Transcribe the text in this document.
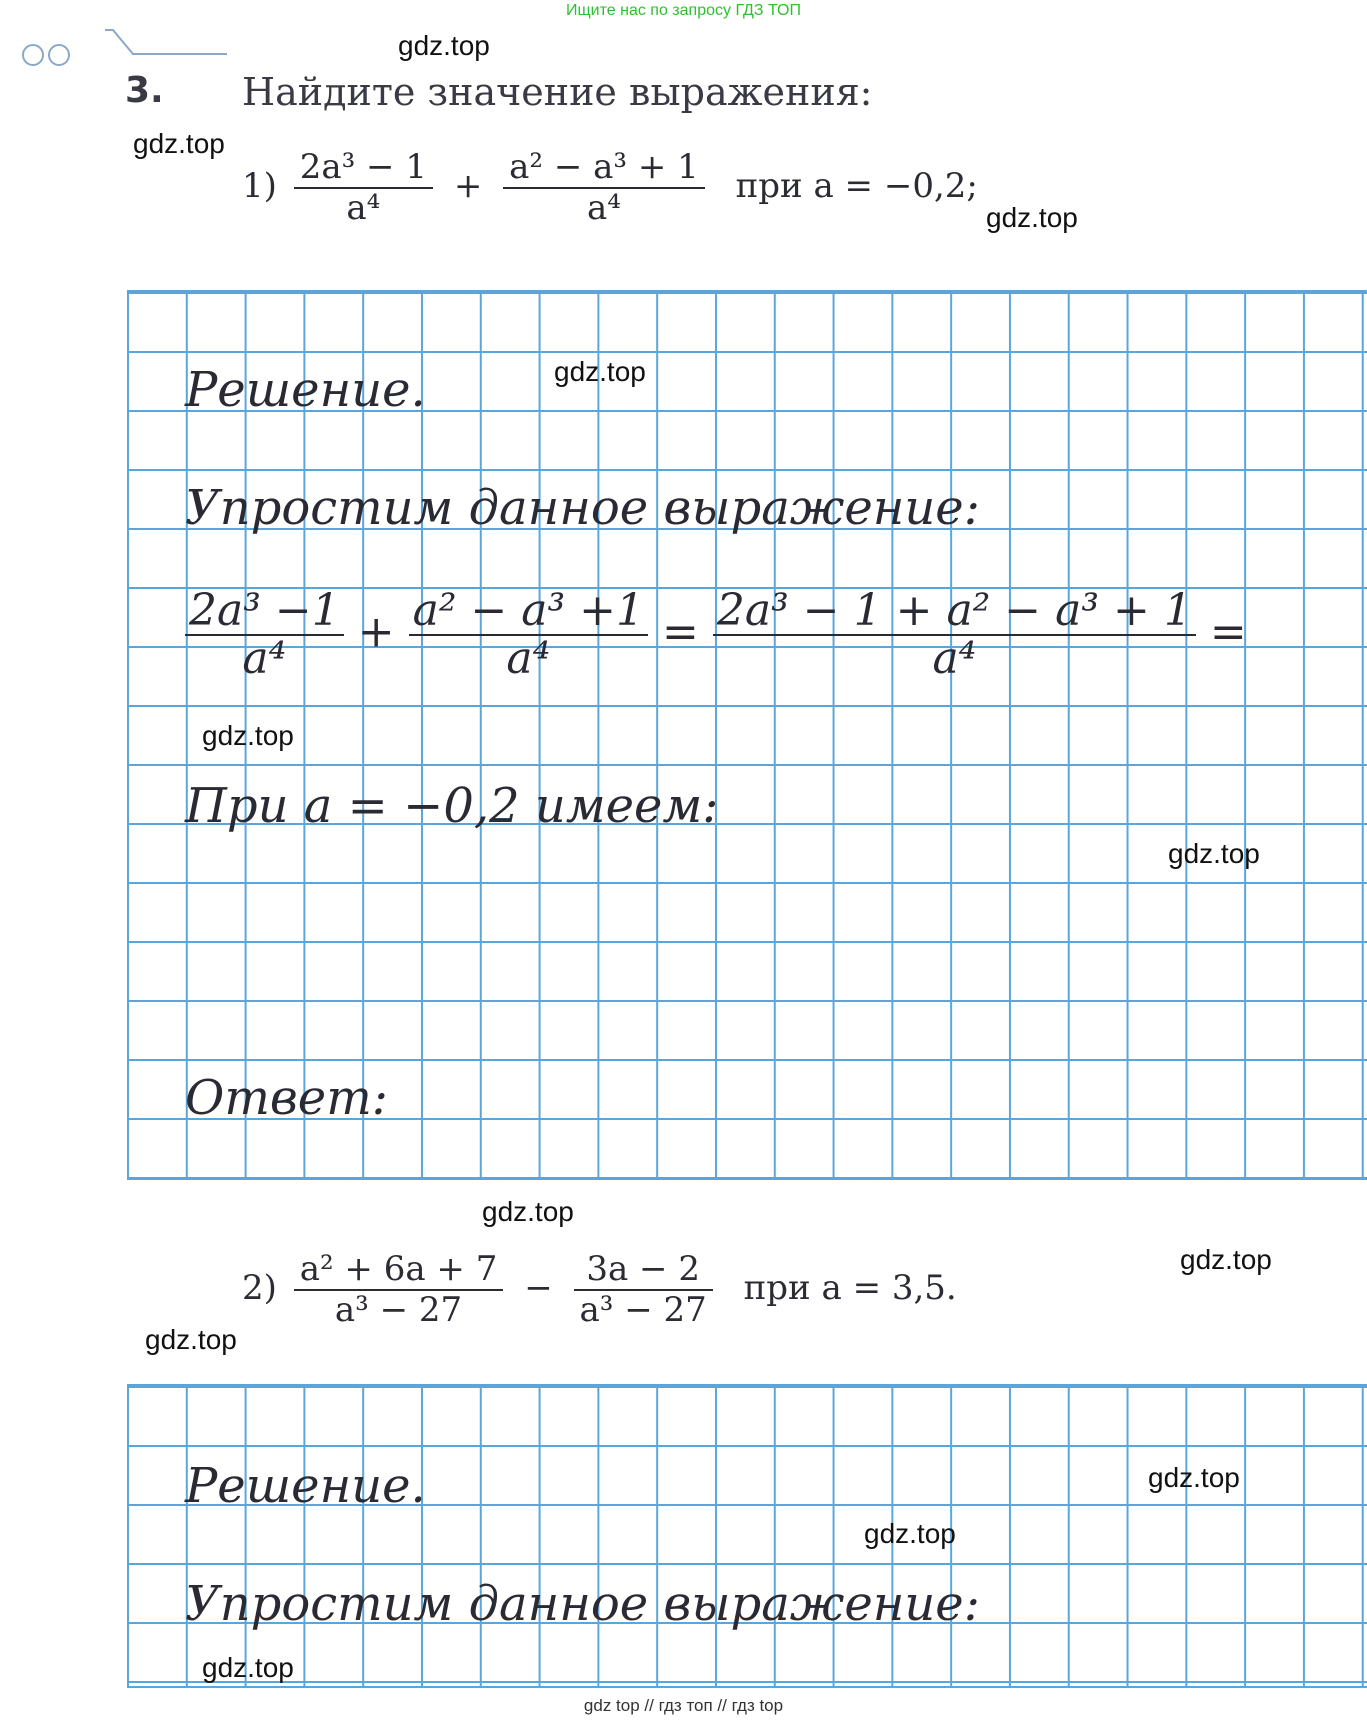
Ищите нас по запросу ГДЗ ТОП
3. Найдите значение выражения:
$1) \frac{\text{2a³ − 1}}{\text{a⁴}} + \frac{\text{a² − a³ + 1}}{\text{a⁴}}$ при a = −0,2;
Решение.
Упростим данное выражение:
$\frac{\text{2a³ −1}}{\text{a⁴}} + \frac{\text{a² − a³ +1}}{\text{a⁴}} = \frac{\text{2a³ − 1 + a² − a³ + 1}}{\text{a⁴}}$ =
При a = −0,2 имеем:
Ответ:
$2) \frac{\text{a² + 6a + 7}}{\text{a³ − 27}} - \frac{3a - 2}{\text{a³ − 27}}$ при a = 3,5.
Решение.
Упростим данное выражение:
gdz.top
gdz.top
gdz.top
gdz.top
gdz.top
gdz.top
gdz.top
gdz.top
gdz.top
gdz.top
gdz.top
gdz.top
gdz top // гдз топ // гдз top
